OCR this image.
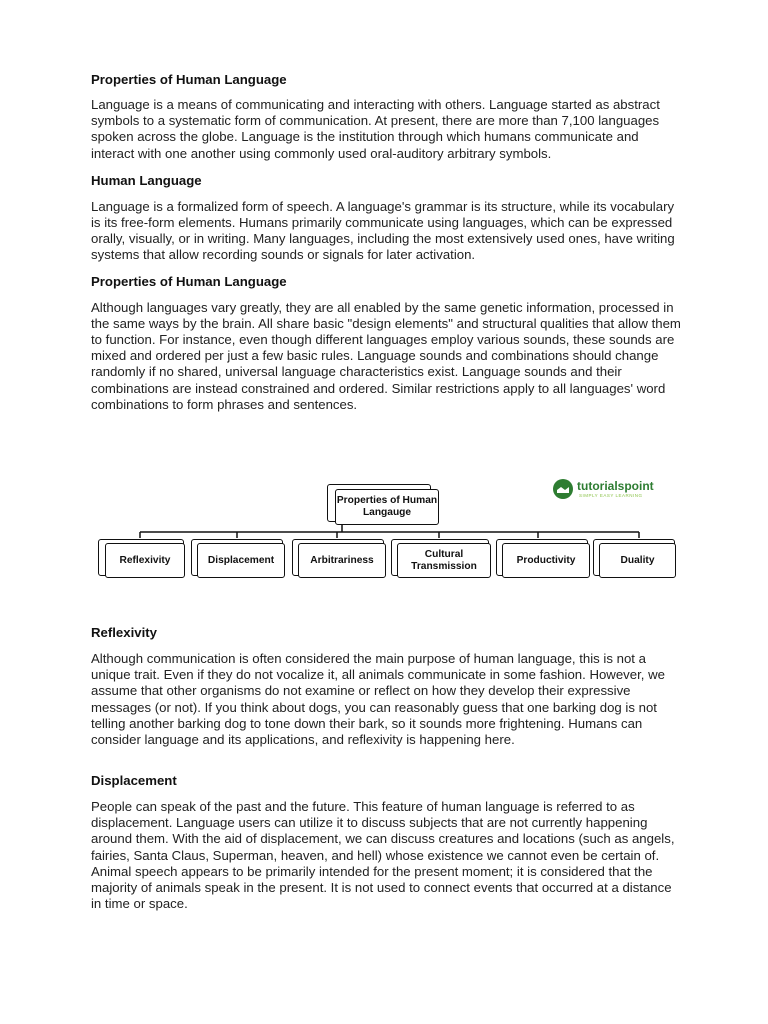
Properties of Human Language

Language is a means of communicating and interacting with others. Language started as abstract symbols to a systematic form of communication. At present, there are more than 7,100 languages spoken across the globe. Language is the institution through which humans communicate and interact with one another using commonly used oral-auditory arbitrary symbols.

Human Language

Language is a formalized form of speech. A language's grammar is its structure, while its vocabulary is its free-form elements. Humans primarily communicate using languages, which can be expressed orally, visually, or in writing. Many languages, including the most extensively used ones, have writing systems that allow recording sounds or signals for later activation.

Properties of Human Language

Although languages vary greatly, they are all enabled by the same genetic information, processed in the same ways by the brain. All share basic "design elements" and structural qualities that allow them to function. For instance, even though different languages employ various sounds, these sounds are mixed and ordered per just a few basic rules. Language sounds and combinations should change randomly if no shared, universal language characteristics exist. Language sounds and their combinations are instead constrained and ordered. Similar restrictions apply to all languages' word combinations to form phrases and sentences.

Properties of Human Langauge
Reflexivity	Displacement	Arbitrariness
Cultural Transmission
Productivity	Duality
tutorialspoint
SIMPLY EASY LEARNING
Reflexivity

Although communication is often considered the main purpose of human language, this is not a unique trait. Even if they do not vocalize it, all animals communicate in some fashion. However, we assume that other organisms do not examine or reflect on how they develop their expressive messages (or not). If you think about dogs, you can reasonably guess that one barking dog is not telling another barking dog to tone down their bark, so it sounds more frightening. Humans can consider language and its applications, and reflexivity is happening here.

Displacement

People can speak of the past and the future. This feature of human language is referred to as displacement. Language users can utilize it to discuss subjects that are not currently happening around them. With the aid of displacement, we can discuss creatures and locations (such as angels, fairies, Santa Claus, Superman, heaven, and hell) whose existence we cannot even be certain of. Animal speech appears to be primarily intended for the present moment; it is considered that the majority of animals speak in the present. It is not used to connect events that occurred at a distance in time or space.
